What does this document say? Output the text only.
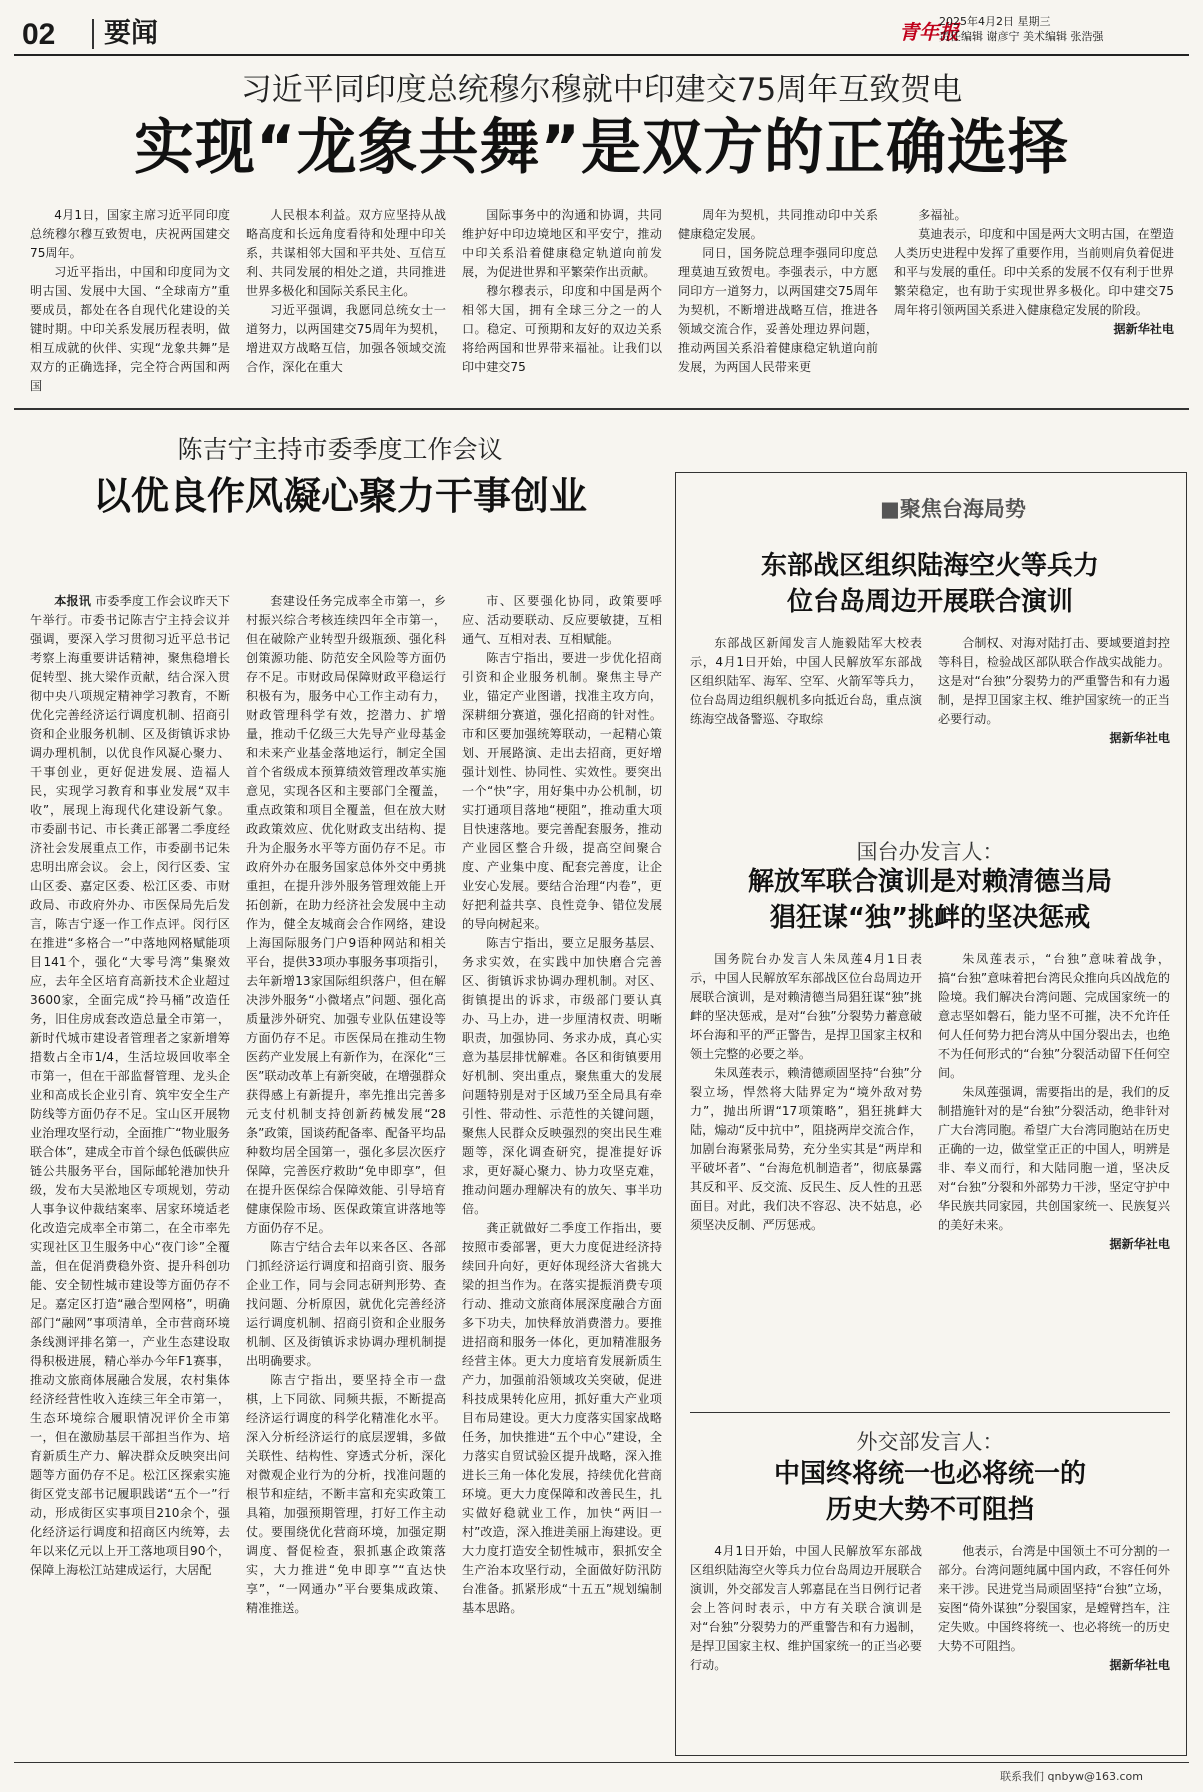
02	要闻	青年报
2025年4月2日 星期三
责任编辑 谢彦宁 美术编辑 张浩强
习近平同印度总统穆尔穆就中印建交75周年互致贺电
实现“龙象共舞”是双方的正确选择

4月1日，国家主席习近平同印度总统穆尔穆互致贺电，庆祝两国建交75周年。

习近平指出，中国和印度同为文明古国、发展中大国、“全球南方”重要成员，都处在各自现代化建设的关键时期。中印关系发展历程表明，做相互成就的伙伴、实现“龙象共舞”是双方的正确选择，完全符合两国和两国

人民根本利益。双方应坚持从战略高度和长远角度看待和处理中印关系，共谋相邻大国和平共处、互信互利、共同发展的相处之道，共同推进世界多极化和国际关系民主化。

习近平强调，我愿同总统女士一道努力，以两国建交75周年为契机，增进双方战略互信，加强各领域交流合作，深化在重大

国际事务中的沟通和协调，共同维护好中印边境地区和平安宁，推动中印关系沿着健康稳定轨道向前发展，为促进世界和平繁荣作出贡献。

穆尔穆表示，印度和中国是两个相邻大国，拥有全球三分之一的人口。稳定、可预期和友好的双边关系将给两国和世界带来福祉。让我们以印中建交75

周年为契机，共同推动印中关系健康稳定发展。

同日，国务院总理李强同印度总理莫迪互致贺电。李强表示，中方愿同印方一道努力，以两国建交75周年为契机，不断增进战略互信，推进各领域交流合作，妥善处理边界问题，推动两国关系沿着健康稳定轨道向前发展，为两国人民带来更

多福祉。

莫迪表示，印度和中国是两大文明古国，在塑造人类历史进程中发挥了重要作用，当前则肩负着促进和平与发展的重任。印中关系的发展不仅有利于世界繁荣稳定，也有助于实现世界多极化。印中建交75周年将引领两国关系进入健康稳定发展的阶段。

据新华社电
陈吉宁主持市委季度工作会议
以优良作风凝心聚力干事创业

本报讯 市委季度工作会议昨天下午举行。市委书记陈吉宁主持会议并强调，要深入学习贯彻习近平总书记考察上海重要讲话精神，聚焦稳增长促转型、挑大梁作贡献，结合深入贯彻中央八项规定精神学习教育，不断优化完善经济运行调度机制、招商引资和企业服务机制、区及街镇诉求协调办理机制，以优良作风凝心聚力、干事创业，更好促进发展、造福人民，实现学习教育和事业发展“双丰收”，展现上海现代化建设新气象。 市委副书记、市长龚正部署二季度经济社会发展重点工作，市委副书记朱忠明出席会议。 会上，闵行区委、宝山区委、嘉定区委、松江区委、市财政局、市政府外办、市医保局先后发言，陈吉宁逐一作工作点评。闵行区在推进“多格合一”中落地网格赋能项目141个，强化“大零号湾”集聚效应，去年全区培育高新技术企业超过3600家，全面完成“拎马桶”改造任务，旧住房成套改造总量全市第一，新时代城市建设者管理者之家新增筹措数占全市1/4，生活垃圾回收率全市第一，但在干部监督管理、龙头企业和高成长企业引育、筑牢安全生产防线等方面仍存不足。宝山区开展物业治理攻坚行动，全面推广“物业服务联合体”，建成全市首个绿色低碳供应链公共服务平台，国际邮轮港加快升级，发布大吴淞地区专项规划，劳动人事争议仲裁结案率、居家环境适老化改造完成率全市第二，在全市率先实现社区卫生服务中心“夜门诊”全覆盖，但在促消费稳外资、提升科创功能、安全韧性城市建设等方面仍存不足。嘉定区打造“融合型网格”，明确部门“融网”事项清单，全市营商环境条线测评排名第一，产业生态建设取得积极进展，精心举办今年F1赛事，推动文旅商体展融合发展，农村集体经济经营性收入连续三年全市第一，生态环境综合履职情况评价全市第一，但在激励基层干部担当作为、培育新质生产力、解决群众反映突出问题等方面仍存不足。松江区探索实施街区党支部书记履职践诺“五个一”行动，形成街区实事项目210余个，强化经济运行调度和招商区内统筹，去年以来亿元以上开工落地项目90个，保障上海松江站建成运行，大居配

套建设任务完成率全市第一，乡村振兴综合考核连续四年全市第一，但在破除产业转型升级瓶颈、强化科创策源功能、防范安全风险等方面仍存不足。市财政局保障财政平稳运行积极有为，服务中心工作主动有力，财政管理科学有效，挖潜力、扩增量，推动千亿级三大先导产业母基金和未来产业基金落地运行，制定全国首个省级成本预算绩效管理改革实施意见，实现各区和主要部门全覆盖，重点政策和项目全覆盖，但在放大财政政策效应、优化财政支出结构、提升为企服务水平等方面仍存不足。市政府外办在服务国家总体外交中勇挑重担，在提升涉外服务管理效能上开拓创新，在助力经济社会发展中主动作为，健全友城商会合作网络，建设上海国际服务门户9语种网站和相关平台，提供33项办事服务事项指引，去年新增13家国际组织落户，但在解决涉外服务“小微堵点”问题、强化高质量涉外研究、加强专业队伍建设等方面仍存不足。市医保局在推动生物医药产业发展上有新作为，在深化“三医”联动改革上有新突破，在增强群众获得感上有新提升，率先推出完善多元支付机制支持创新药械发展“28条”政策，国谈药配备率、配备平均品种数均居全国第一，强化多层次医疗保障，完善医疗救助“免申即享”，但在提升医保综合保障效能、引导培育健康保险市场、医保政策宣讲落地等方面仍存不足。

陈吉宁结合去年以来各区、各部门抓经济运行调度和招商引资、服务企业工作，同与会同志研判形势、查找问题、分析原因，就优化完善经济运行调度机制、招商引资和企业服务机制、区及街镇诉求协调办理机制提出明确要求。

陈吉宁指出，要坚持全市一盘棋，上下同欲、同频共振，不断提高经济运行调度的科学化精准化水平。深入分析经济运行的底层逻辑，多做关联性、结构性、穿透式分析，深化对微观企业行为的分析，找准问题的根节和症结，不断丰富和充实政策工具箱，加强预期管理，打好工作主动仗。要围绕优化营商环境，加强定期调度、督促检查，狠抓惠企政策落实，大力推进“免申即享”“直达快享”，“一网通办”平台要集成政策、精准推送。

市、区要强化协同，政策要呼应、活动要联动、反应要敏捷，互相通气、互相对表、互相赋能。

陈吉宁指出，要进一步优化招商引资和企业服务机制。聚焦主导产业，锚定产业图谱，找准主攻方向，深耕细分赛道，强化招商的针对性。市和区要加强统筹联动，一起精心策划、开展路演、走出去招商，更好增强计划性、协同性、实效性。要突出一个“快”字，用好集中办公机制，切实打通项目落地“梗阻”，推动重大项目快速落地。要完善配套服务，推动产业园区整合升级，提高空间聚合度、产业集中度、配套完善度，让企业安心发展。要结合治理“内卷”，更好把利益共享、良性竞争、错位发展的导向树起来。

陈吉宁指出，要立足服务基层、务求实效，在实践中加快磨合完善区、街镇诉求协调办理机制。对区、街镇提出的诉求，市级部门要认真办、马上办，进一步厘清权责、明晰职责，加强协同、务求办成，真心实意为基层排忧解难。各区和街镇要用好机制、突出重点，聚焦重大的发展问题特别是对于区域乃至全局具有牵引性、带动性、示范性的关键问题，聚焦人民群众反映强烈的突出民生难题等，深化调查研究，提准提好诉求，更好凝心聚力、协力攻坚克难，推动问题办理解决有的放矢、事半功倍。

龚正就做好二季度工作指出，要按照市委部署，更大力度促进经济持续回升向好，更好体现经济大省挑大梁的担当作为。在落实提振消费专项行动、推动文旅商体展深度融合方面多下功夫，加快释放消费潜力。要推进招商和服务一体化，更加精准服务经营主体。更大力度培育发展新质生产力，加强前沿领域攻关突破，促进科技成果转化应用，抓好重大产业项目布局建设。更大力度落实国家战略任务，加快推进“五个中心”建设，全力落实自贸试验区提升战略，深入推进长三角一体化发展，持续优化营商环境。更大力度保障和改善民生，扎实做好稳就业工作，加快“两旧一村”改造，深入推进美丽上海建设。更大力度打造安全韧性城市，狠抓安全生产治本攻坚行动，全面做好防汛防台准备。抓紧形成“十五五”规划编制基本思路。

■聚焦台海局势
东部战区组织陆海空火等兵力
位台岛周边开展联合演训

东部战区新闻发言人施毅陆军大校表示，4月1日开始，中国人民解放军东部战区组织陆军、海军、空军、火箭军等兵力，位台岛周边组织舰机多向抵近台岛，重点演练海空战备警巡、夺取综

合制权、对海对陆打击、要域要道封控等科目，检验战区部队联合作战实战能力。这是对“台独”分裂势力的严重警告和有力遏制，是捍卫国家主权、维护国家统一的正当必要行动。

据新华社电
国台办发言人：
解放军联合演训是对赖清德当局
猖狂谋“独”挑衅的坚决惩戒

国务院台办发言人朱凤莲4月1日表示，中国人民解放军东部战区位台岛周边开展联合演训，是对赖清德当局猖狂谋“独”挑衅的坚决惩戒，是对“台独”分裂势力蓄意破坏台海和平的严正警告，是捍卫国家主权和领土完整的必要之举。

朱凤莲表示，赖清德顽固坚持“台独”分裂立场，悍然将大陆界定为“境外敌对势力”，抛出所谓“17项策略”，猖狂挑衅大陆，煽动“反中抗中”，阻挠两岸交流合作，加剧台海紧张局势，充分坐实其是“两岸和平破坏者”、“台海危机制造者”，彻底暴露其反和平、反交流、反民生、反人性的丑恶面目。对此，我们决不容忍、决不姑息，必须坚决反制、严厉惩戒。

朱凤莲表示，“台独”意味着战争，搞“台独”意味着把台湾民众推向兵凶战危的险境。我们解决台湾问题、完成国家统一的意志坚如磐石，能力坚不可摧，决不允许任何人任何势力把台湾从中国分裂出去，也绝不为任何形式的“台独”分裂活动留下任何空间。

朱凤莲强调，需要指出的是，我们的反制措施针对的是“台独”分裂活动，绝非针对广大台湾同胞。希望广大台湾同胞站在历史正确的一边，做堂堂正正的中国人，明辨是非、奉义而行，和大陆同胞一道，坚决反对“台独”分裂和外部势力干涉，坚定守护中华民族共同家园，共创国家统一、民族复兴的美好未来。

据新华社电
外交部发言人：
中国终将统一也必将统一的
历史大势不可阻挡

4月1日开始，中国人民解放军东部战区组织陆海空火等兵力位台岛周边开展联合演训，外交部发言人郭嘉昆在当日例行记者会上答问时表示，中方有关联合演训是对“台独”分裂势力的严重警告和有力遏制，是捍卫国家主权、维护国家统一的正当必要行动。

他表示，台湾是中国领土不可分割的一部分。台湾问题纯属中国内政，不容任何外来干涉。民进党当局顽固坚持“台独”立场，妄图“倚外谋独”分裂国家，是螳臂挡车，注定失败。中国终将统一、也必将统一的历史大势不可阻挡。

据新华社电
联系我们 qnbyw@163.com
